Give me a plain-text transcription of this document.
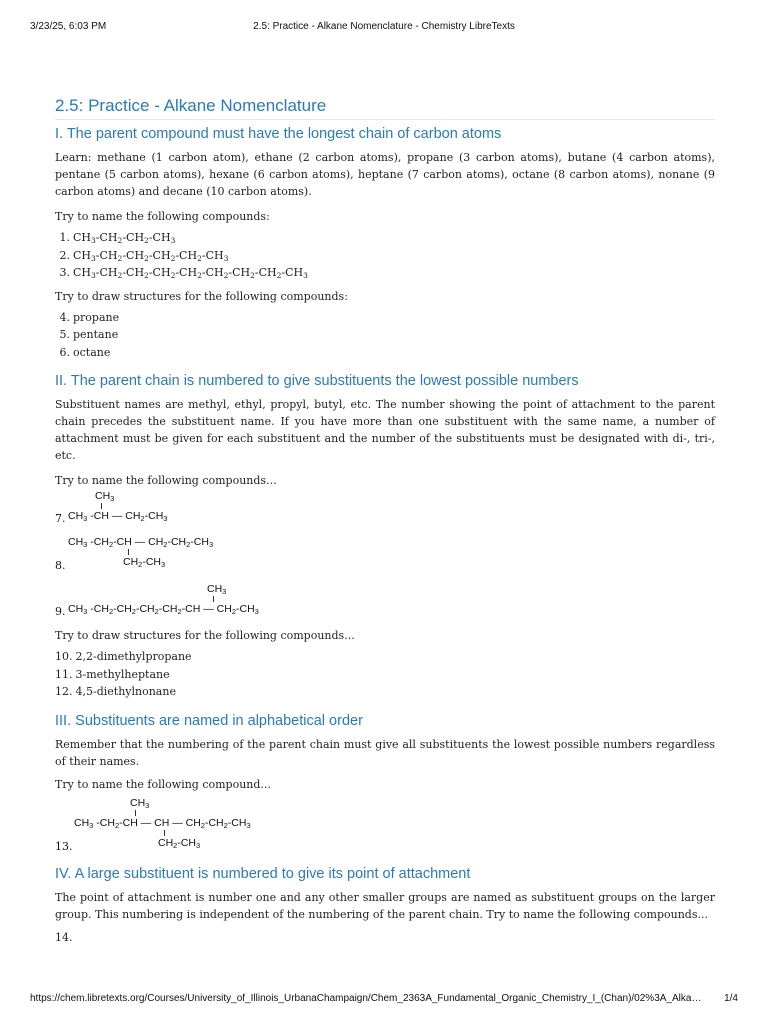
3/23/25, 6:03 PM	2.5: Practice - Alkane Nomenclature - Chemistry LibreTexts
2.5: Practice - Alkane Nomenclature
I. The parent compound must have the longest chain of carbon atoms

Learn: methane (1 carbon atom), ethane (2 carbon atoms), propane (3 carbon atoms), butane (4 carbon atoms), pentane (5 carbon atoms), hexane (6 carbon atoms), heptane (7 carbon atoms), octane (8 carbon atoms), nonane (9 carbon atoms) and decane (10 carbon atoms).

Try to name the following compounds:

1. $CH_3-CH_2-CH_2-CH_3$
2. $CH_3-CH_2-CH_2-CH_2-CH_2-CH_3$
3. $CH_3-CH_2-CH_2-CH_2-CH_2-CH_2-CH_2-CH_2-CH_3$

Try to draw structures for the following compounds:

4. propane
5. pentane
6. octane
II. The parent chain is numbered to give substituents the lowest possible numbers

Substituent names are methyl, ethyl, propyl, butyl, etc. The number showing the point of attachment to the parent chain precedes the substituent name. If you have more than one substituent with the same name, a number of attachment must be given for each substituent and the number of the substituents must be designated with di-, tri-, etc.

Try to name the following compounds...

$CH_3$
7. $CH_3$ -CH — $CH_2-CH_3$
$CH_3$ $-CH_2-CH$ — $CH_2-CH_2-CH_3$
8.	$CH_2-CH_3$
$CH_3$
9. $CH_3$ $-CH_2-CH_2-CH_2-CH_2-CH$ — $CH_2-CH_3$

Try to draw structures for the following compounds...

10. 2,2-dimethylpropane
11. 3-methylheptane
12. 4,5-diethylnonane
III. Substituents are named in alphabetical order

Remember that the numbering of the parent chain must give all substituents the lowest possible numbers regardless of their names.

Try to name the following compound...

$CH_3$
$CH_3$ $-CH_2-CH$ — CH — $CH_2-CH_2-CH_3$
13.	$CH_2-CH_3$
IV. A large substituent is numbered to give its point of attachment

The point of attachment is number one and any other smaller groups are named as substituent groups on the larger group. This numbering is independent of the numbering of the parent chain. Try to name the following compounds...

14.

https://chem.libretexts.org/Courses/University_of_Illinois_UrbanaChampaign/Chem_2363A_Fundamental_Organic_Chemistry_I_(Chan)/02%3A_Alka…	1/4
